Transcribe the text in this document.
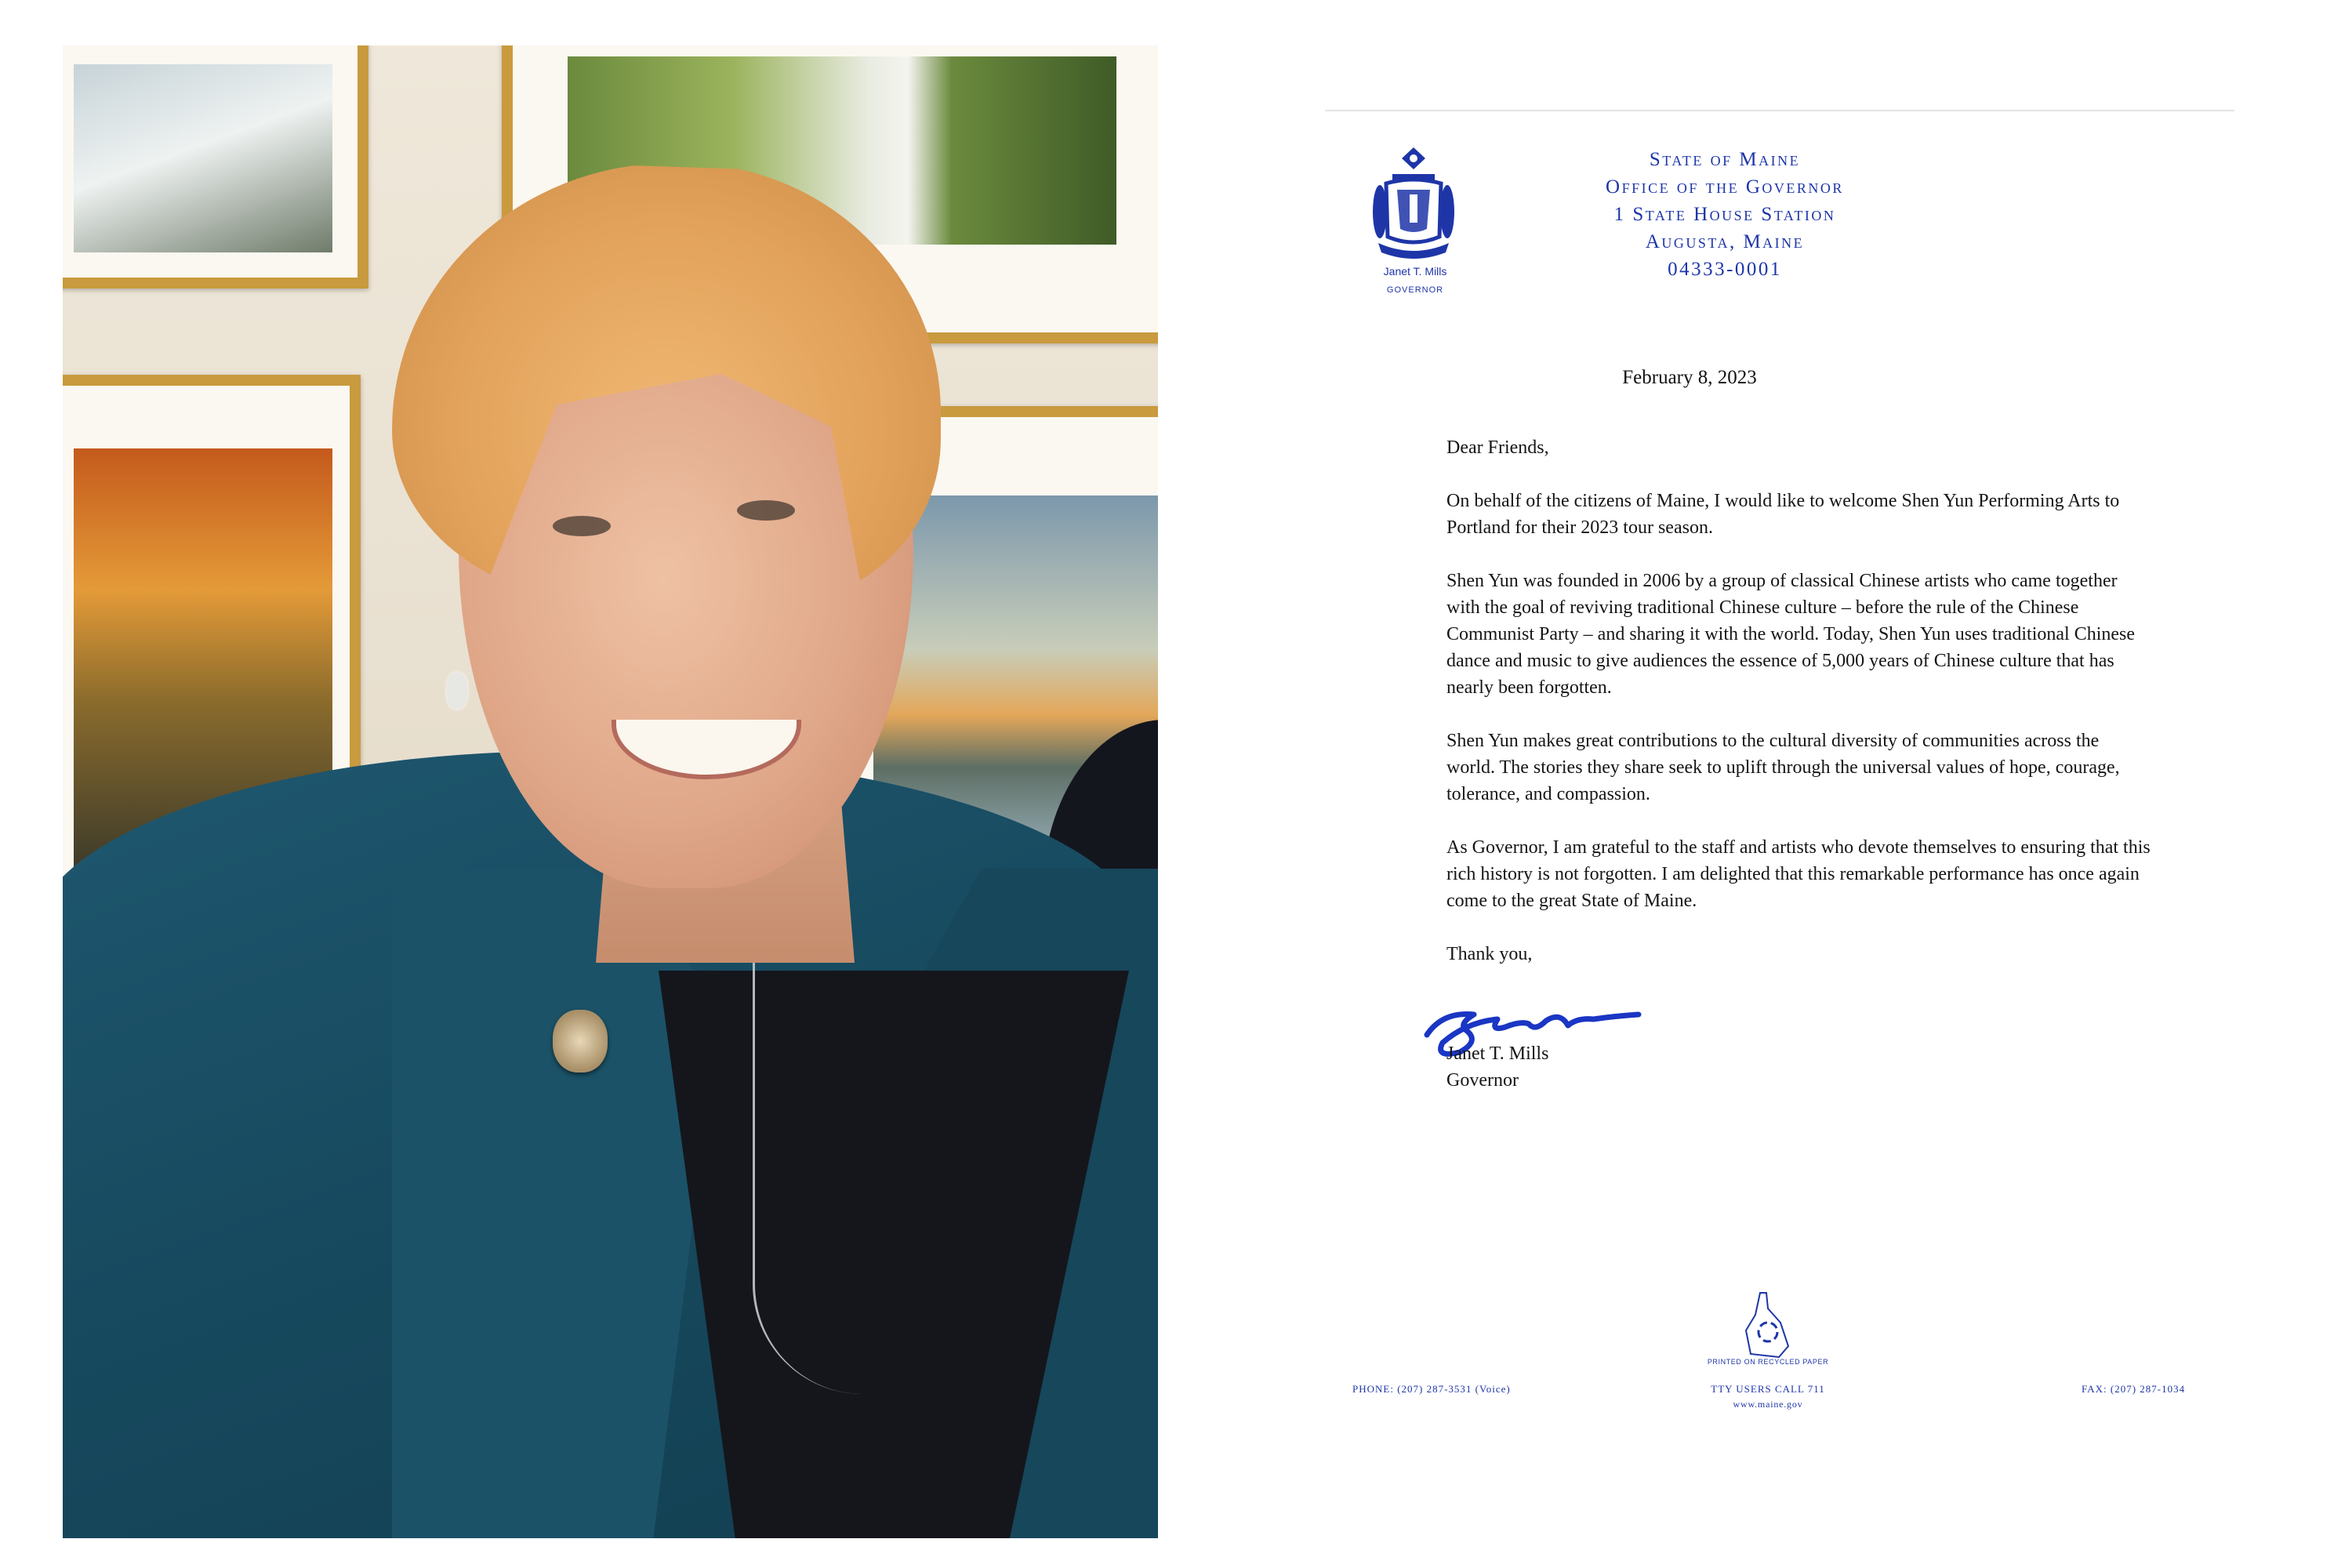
Janet T. Mills
GOVERNOR
State of Maine
Office of the Governor
1 State House Station
Augusta, Maine
04333-0001
February 8, 2023

Dear Friends,

On behalf of the citizens of Maine, I would like to welcome Shen Yun Performing Arts to Portland for their 2023 tour season.

Shen Yun was founded in 2006 by a group of classical Chinese artists who came together with the goal of reviving traditional Chinese culture – before the rule of the Chinese Communist Party – and sharing it with the world. Today, Shen Yun uses traditional Chinese dance and music to give audiences the essence of 5,000 years of Chinese culture that has nearly been forgotten.

Shen Yun makes great contributions to the cultural diversity of communities across the world. The stories they share seek to uplift through the universal values of hope, courage, tolerance, and compassion.

As Governor, I am grateful to the staff and artists who devote themselves to ensuring that this rich history is not forgotten. I am delighted that this remarkable performance has once again come to the great State of Maine.

Thank you,

Janet T. Mills
Governor
PRINTED ON RECYCLED PAPER
PHONE: (207) 287-3531 (Voice)	TTY USERS CALL 711
www.maine.gov
FAX: (207) 287-1034
